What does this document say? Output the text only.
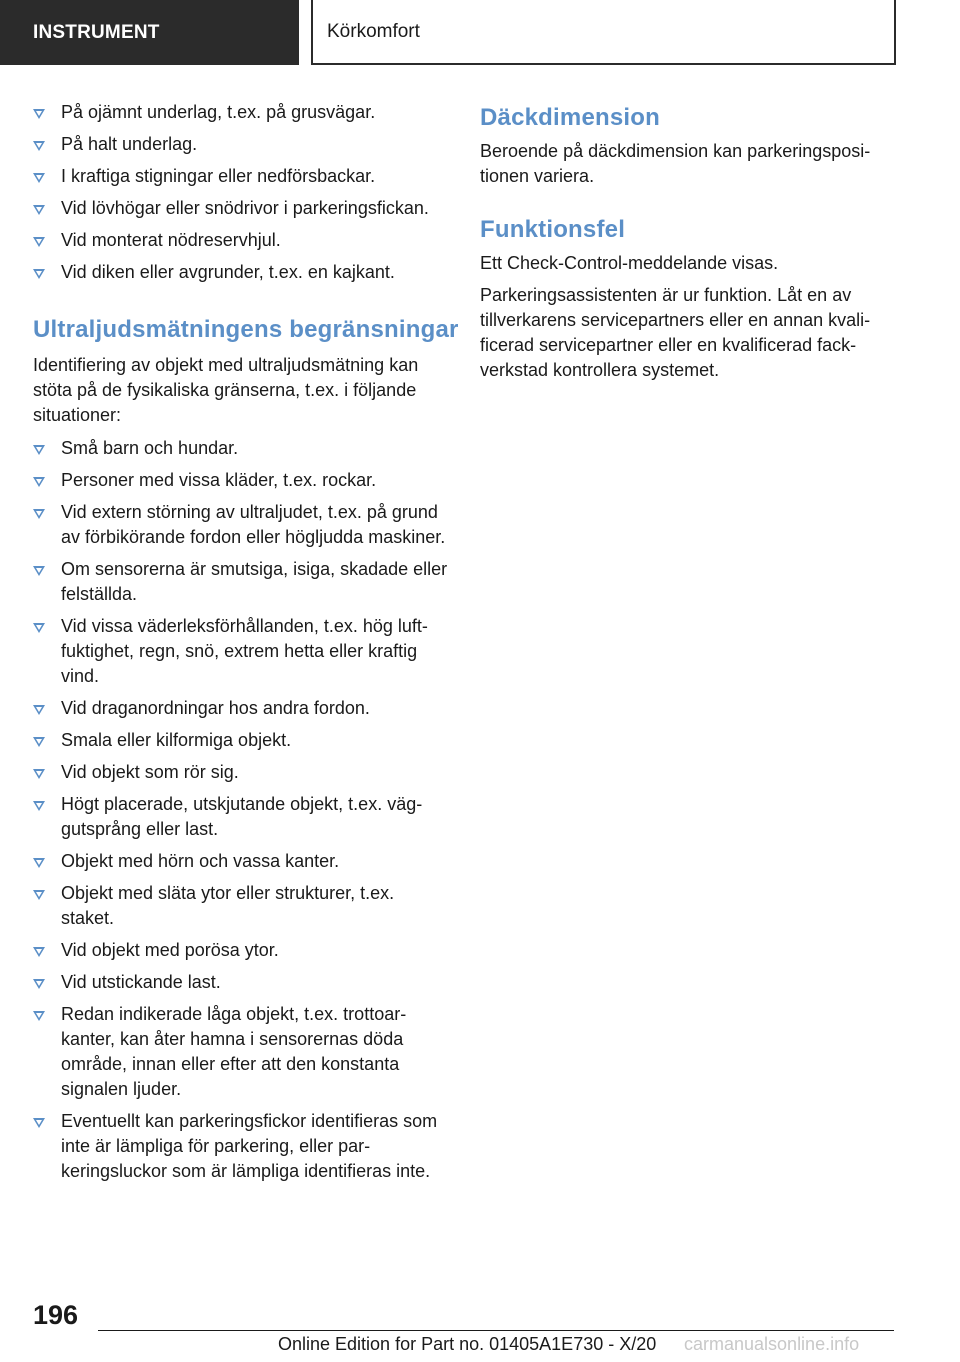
INSTRUMENT	Körkomfort
På ojämnt underlag, t.ex. på grusvägar.
På halt underlag.
I kraftiga stigningar eller nedförsbackar.
Vid lövhögar eller snödrivor i parkeringsfickan.
Vid monterat nödreservhjul.
Vid diken eller avgrunder, t.ex. en kajkant.
Ultraljudsmätningens begränsningar

Identifiering av objekt med ultraljudsmätning kan stöta på de fysikaliska gränserna, t.ex. i följande situationer:

Små barn och hundar.
Personer med vissa kläder, t.ex. rockar.
Vid extern störning av ultraljudet, t.ex. på grund av förbikörande fordon eller högljudda maskiner.
Om sensorerna är smutsiga, isiga, skadade eller felställda.
Vid vissa väderleksförhållanden, t.ex. hög luft-fuktighet, regn, snö, extrem hetta eller kraftig vind.
Vid draganordningar hos andra fordon.
Smala eller kilformiga objekt.
Vid objekt som rör sig.
Högt placerade, utskjutande objekt, t.ex. väg-gutsprång eller last.
Objekt med hörn och vassa kanter.
Objekt med släta ytor eller strukturer, t.ex. staket.
Vid objekt med porösa ytor.
Vid utstickande last.
Redan indikerade låga objekt, t.ex. trottoar-kanter, kan åter hamna i sensorernas döda område, innan eller efter att den konstanta signalen ljuder.
Eventuellt kan parkeringsfickor identifieras som inte är lämpliga för parkering, eller par-keringsluckor som är lämpliga identifieras inte.
Däckdimension

Beroende på däckdimension kan parkeringsposi-tionen variera.

Funktionsfel

Ett Check-Control-meddelande visas.

Parkeringsassistenten är ur funktion. Låt en av tillverkarens servicepartners eller en annan kvali-ficerad servicepartner eller en kvalificerad fack-verkstad kontrollera systemet.

196
Online Edition for Part no. 01405A1E730 - X/20 carmanualsonline.info
